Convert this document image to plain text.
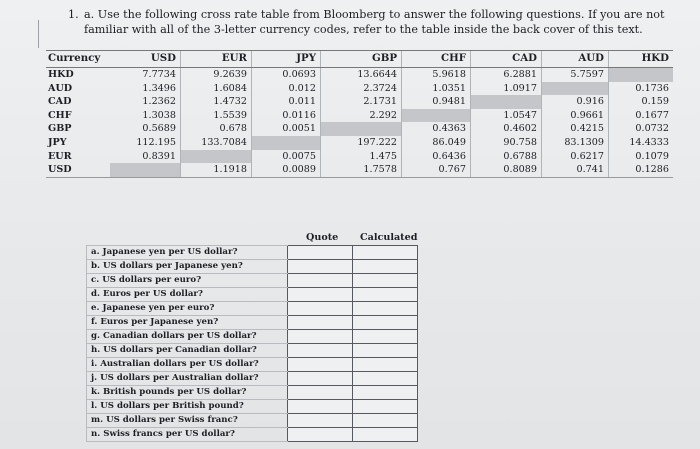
1. a. Use the following cross rate table from Bloomberg to answer the following questions. If you are not familiar with all of the 3-letter currency codes, refer to the table inside the back cover of this text.
Currency	USD	EUR	JPY	GBP	CHF	CAD	AUD	HKD
HKD	7.7734	9.2639	0.0693	13.6644	5.9618	6.2881	5.7597	
AUD	1.3496	1.6084	0.012	2.3724	1.0351	1.0917		0.1736
CAD	1.2362	1.4732	0.011	2.1731	0.9481		0.916	0.159
CHF	1.3038	1.5539	0.0116	2.292		1.0547	0.9661	0.1677
GBP	0.5689	0.678	0.0051		0.4363	0.4602	0.4215	0.0732
JPY	112.195	133.7084		197.222	86.049	90.758	83.1309	14.4333
EUR	0.8391		0.0075	1.475	0.6436	0.6788	0.6217	0.1079
USD		1.1918	0.0089	1.7578	0.767	0.8089	0.741	0.1286
Quote Calculated
a. Japanese yen per US dollar?		
b. US dollars per Japanese yen?		
c. US dollars per euro?		
d. Euros per US dollar?		
e. Japanese yen per euro?		
f. Euros per Japanese yen?		
g. Canadian dollars per US dollar?		
h. US dollars per Canadian dollar?		
i. Australian dollars per US dollar?		
j. US dollars per Australian dollar?		
k. British pounds per US dollar?		
l. US dollars per British pound?		
m. US dollars per Swiss franc?		
n. Swiss francs per US dollar?		
